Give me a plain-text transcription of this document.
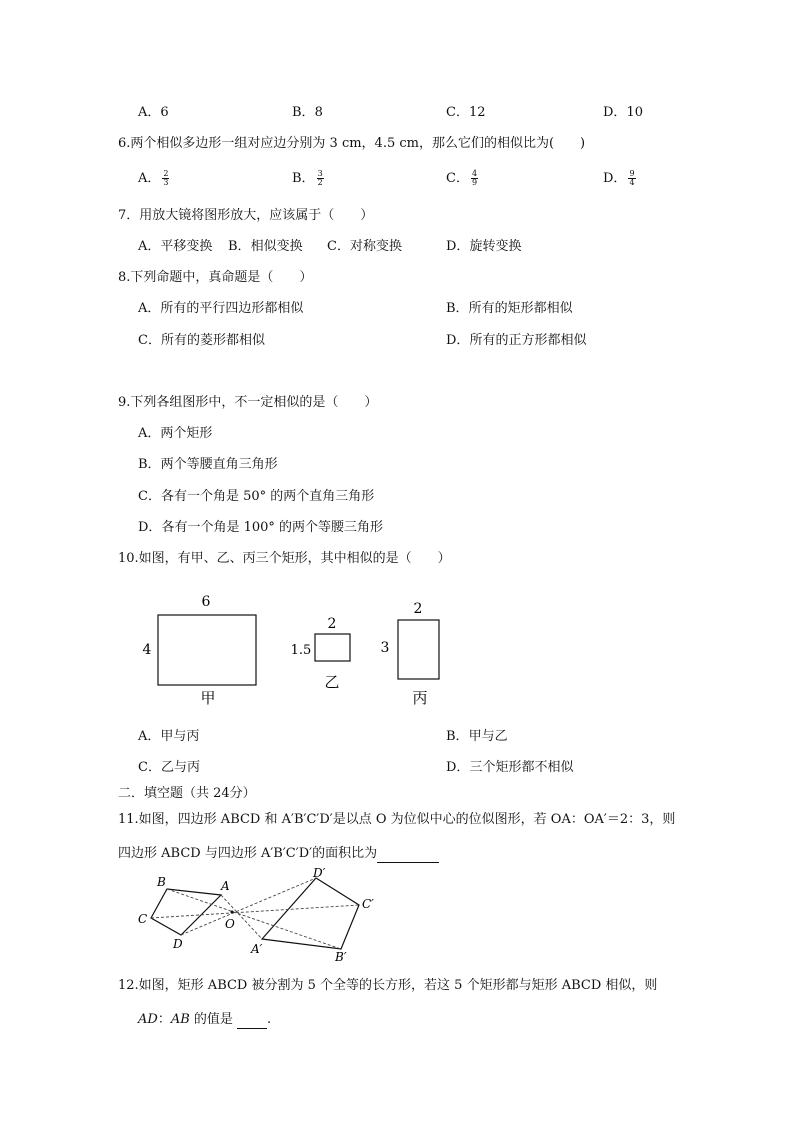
A．6	B．8	C．12	D．10
6.两个相似多边形一组对应边分别为 3 cm，4.5 cm，那么它们的相似比为(　　)
A． $\frac{2}{3}$	B． $\frac{3}{2}$	C． $\frac{4}{9}$	D． $\frac{9}{4}$
7．用放大镜将图形放大，应该属于（　　）
A．平移变换 B．相似变换 C．对称变换	D．旋转变换
8.下列命题中，真命题是（　　）
A．所有的平行四边形都相似	B．所有的矩形都相似
C．所有的菱形都相似	D．所有的正方形都相似
9.下列各组图形中，不一定相似的是（　　）
A．两个矩形
B．两个等腰直角三角形
C．各有一个角是 50° 的两个直角三角形
D．各有一个角是 100° 的两个等腰三角形
10.如图，有甲、乙、丙三个矩形，其中相似的是（　　）
6
4
甲
2
1.5
乙
2
3
丙
A．甲与丙	B．甲与乙
C．乙与丙	D．三个矩形都不相似
二．填空题（共 24分）
11.如图，四边形 ABCD 和 A′B′C′D′是以点 O 为位似中心的位似图形，若 OA：OA′＝2：3，则
四边形 ABCD 与四边形 A′B′C′D′的面积比为
B	A
C
D
O
D′
C′
A′
B′
12.如图，矩形 ABCD 被分割为 5 个全等的长方形，若这 5 个矩形都与矩形 ABCD 相似，则
AD：AB 的值是 .
